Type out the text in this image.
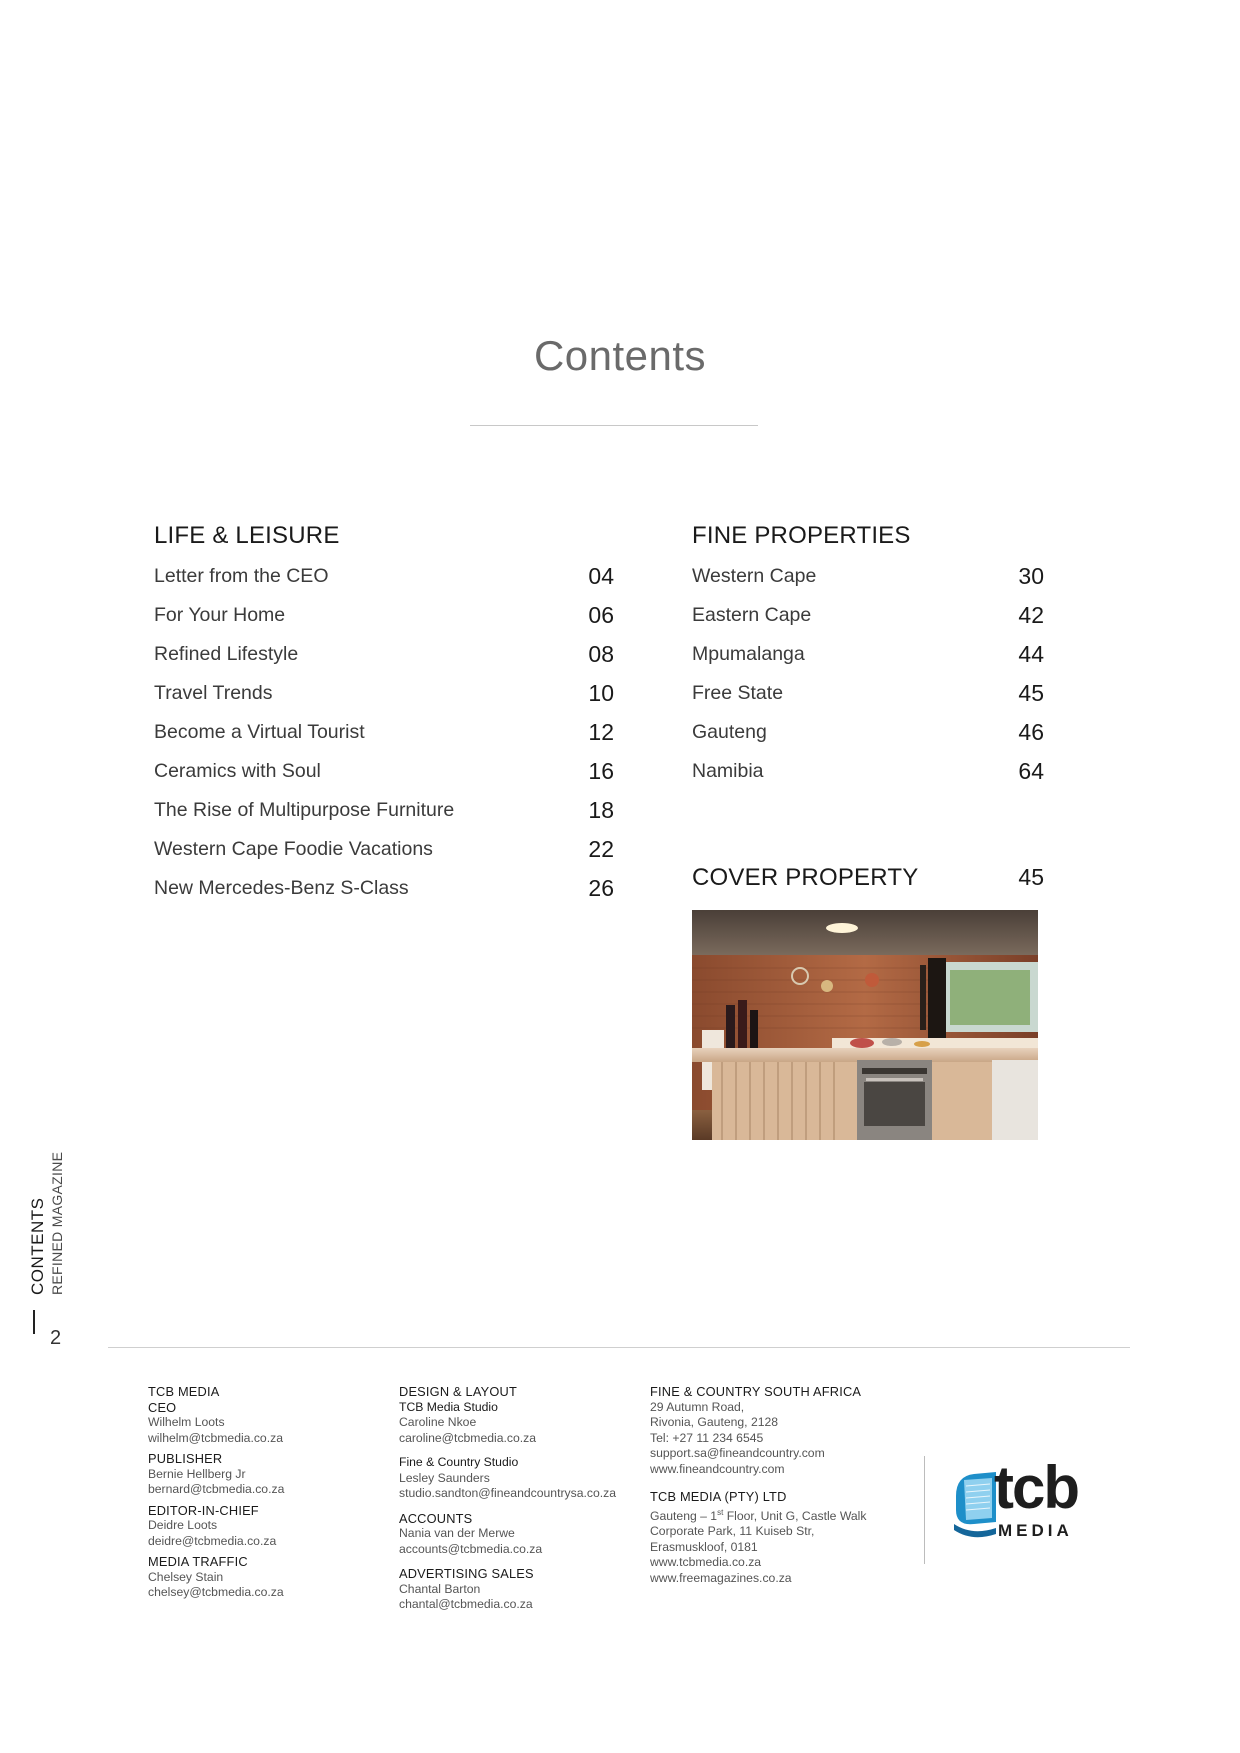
Contents
LIFE & LEISURE
Letter from the CEO	04
For Your Home	06
Refined Lifestyle	08
Travel Trends	10
Become a Virtual Tourist	12
Ceramics with Soul	16
The Rise of Multipurpose Furniture	18
Western Cape Foodie Vacations	22
New Mercedes-Benz S-Class	26
FINE PROPERTIES
Western Cape	30
Eastern Cape	42
Mpumalanga	44
Free State	45
Gauteng	46
Namibia	64
COVER PROPERTY	45
CONTENTS REFINED MAGAZINE
2
TCB MEDIA
CEO
Wilhelm Loots
wilhelm@tcbmedia.co.za
PUBLISHER
Bernie Hellberg Jr
bernard@tcbmedia.co.za
EDITOR-IN-CHIEF
Deidre Loots
deidre@tcbmedia.co.za
MEDIA TRAFFIC
Chelsey Stain
chelsey@tcbmedia.co.za
DESIGN & LAYOUT
TCB Media Studio
Caroline Nkoe
caroline@tcbmedia.co.za
Fine & Country Studio
Lesley Saunders
studio.sandton@fineandcountrysa.co.za
ACCOUNTS
Nania van der Merwe
accounts@tcbmedia.co.za
ADVERTISING SALES
Chantal Barton
chantal@tcbmedia.co.za
FINE & COUNTRY SOUTH AFRICA
29 Autumn Road,
Rivonia, Gauteng, 2128
Tel: +27 11 234 6545
support.sa@fineandcountry.com
www.fineandcountry.com
TCB MEDIA (PTY) LTD
Gauteng – 1st Floor, Unit G, Castle Walk
Corporate Park, 11 Kuiseb Str,
Erasmuskloof, 0181
www.tcbmedia.co.za
www.freemagazines.co.za
tcb
MEDIA
